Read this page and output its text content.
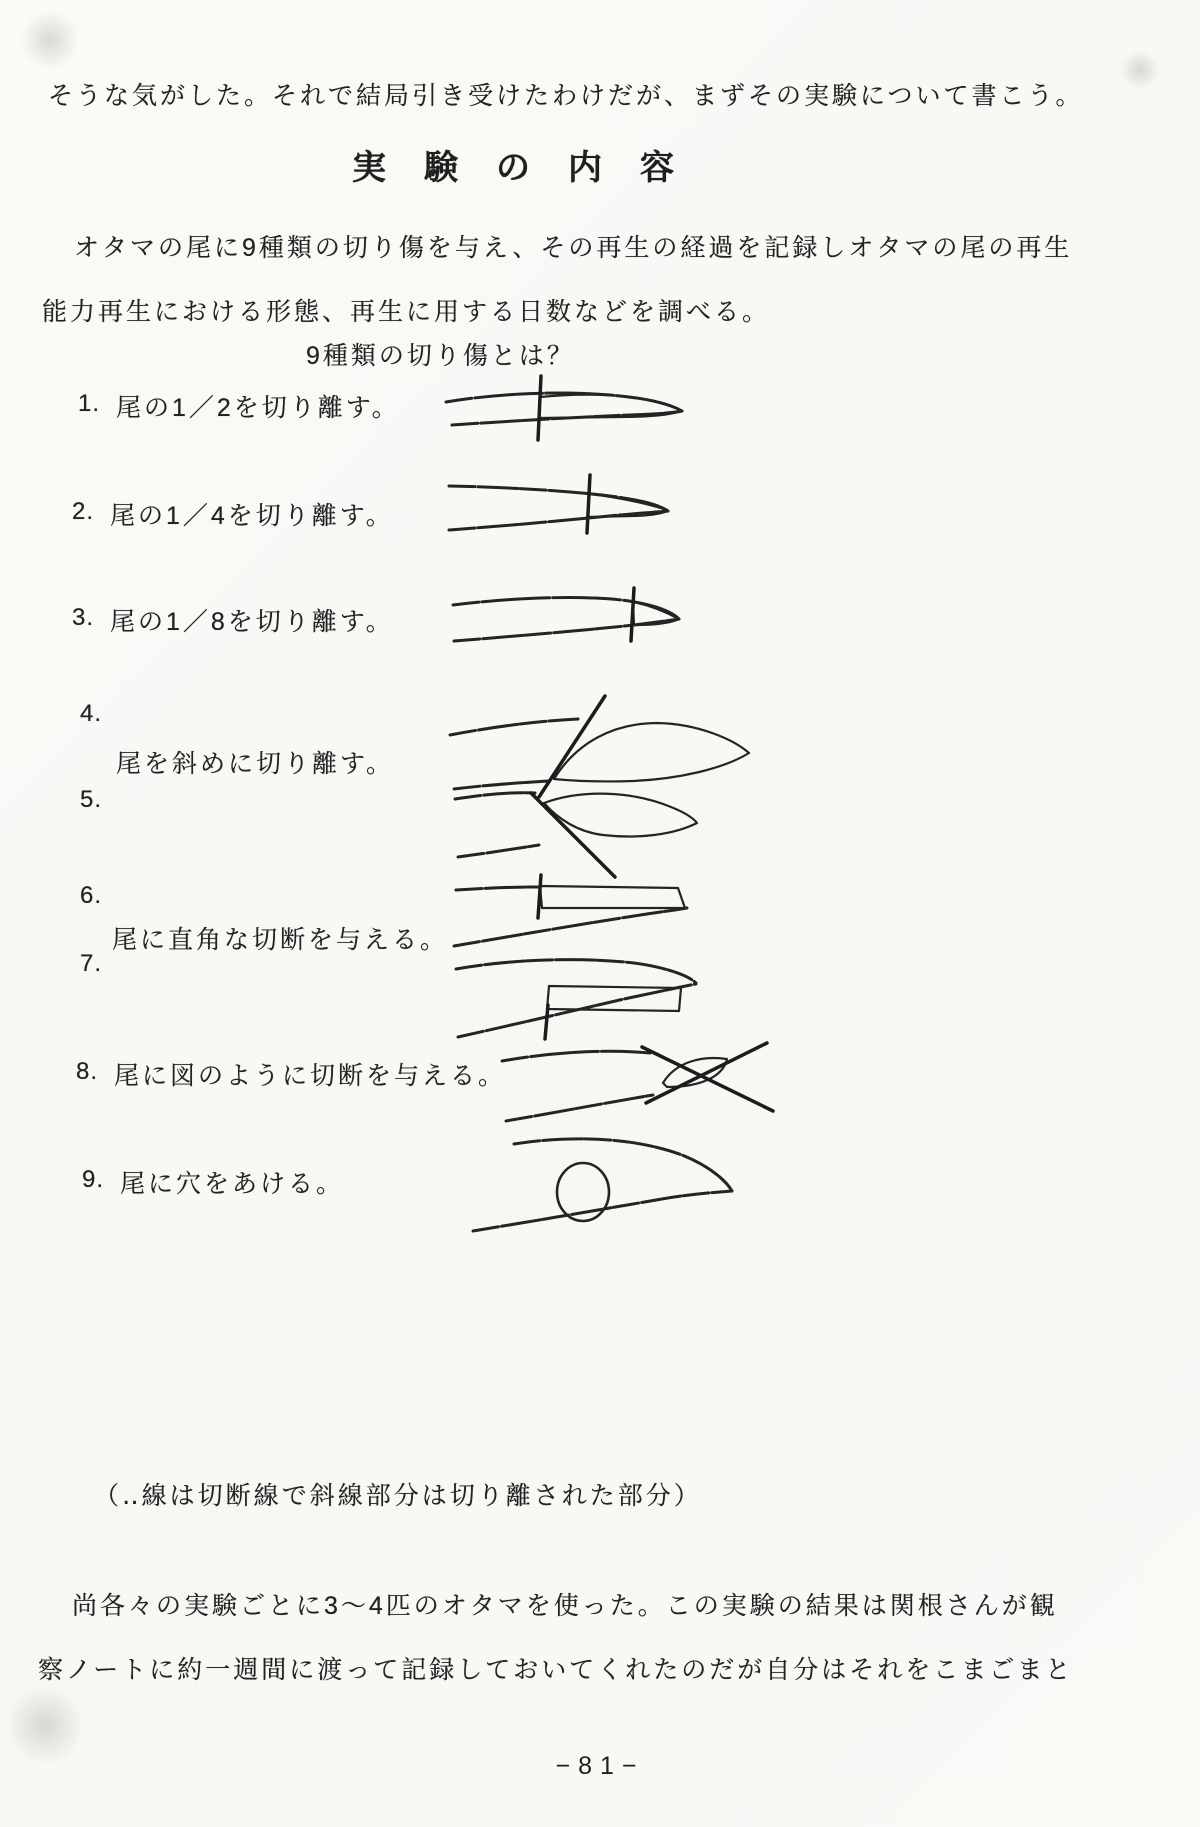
そうな気がした。それで結局引き受けたわけだが、まずその実験について書こう。
実験の内容
オタマの尾に9種類の切り傷を与え、その再生の経過を記録しオタマの尾の再生
能力再生における形態、再生に用する日数などを調べる。
9種類の切り傷とは？
1. 尾の1／2を切り離す。
2. 尾の1／4を切り離す。
3. 尾の1／8を切り離す。
4.
尾を斜めに切り離す。
5.
6.
尾に直角な切断を与える。
7.
8. 尾に図のように切断を与える。
9. 尾に穴をあける。
（‥線は切断線で斜線部分は切り離された部分）
尚各々の実験ごとに3〜4匹のオタマを使った。この実験の結果は関根さんが観
察ノートに約一週間に渡って記録しておいてくれたのだが自分はそれをこまごまと
−81−
